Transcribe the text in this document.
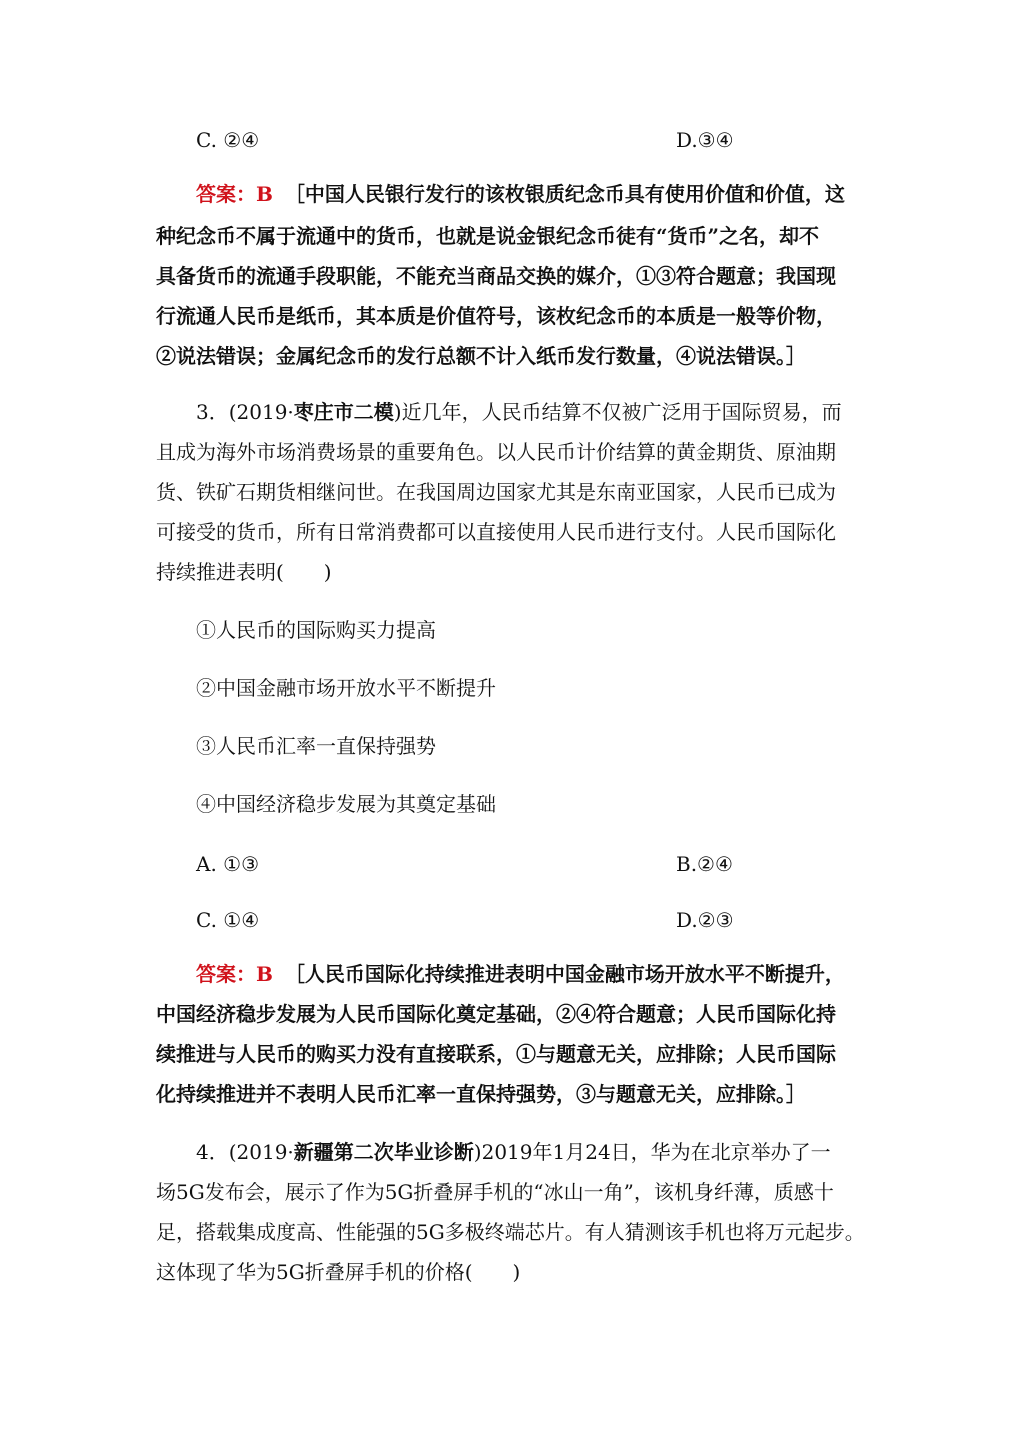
C. ②④	D.③④
答案：B ［中国人民银行发行的该枚银质纪念币具有使用价值和价值，这
种纪念币不属于流通中的货币，也就是说金银纪念币徒有“货币”之名，却不
具备货币的流通手段职能，不能充当商品交换的媒介，①③符合题意；我国现
行流通人民币是纸币，其本质是价值符号，该枚纪念币的本质是一般等价物，
②说法错误；金属纪念币的发行总额不计入纸币发行数量，④说法错误。］
3．(2019·枣庄市二模)近几年，人民币结算不仅被广泛用于国际贸易，而
且成为海外市场消费场景的重要角色。以人民币计价结算的黄金期货、原油期
货、铁矿石期货相继问世。在我国周边国家尤其是东南亚国家，人民币已成为
可接受的货币，所有日常消费都可以直接使用人民币进行支付。人民币国际化
持续推进表明(　　)
①人民币的国际购买力提高
②中国金融市场开放水平不断提升
③人民币汇率一直保持强势
④中国经济稳步发展为其奠定基础
A. ①③	B.②④
C. ①④	D.②③
答案：B ［人民币国际化持续推进表明中国金融市场开放水平不断提升，
中国经济稳步发展为人民币国际化奠定基础，②④符合题意；人民币国际化持
续推进与人民币的购买力没有直接联系，①与题意无关，应排除；人民币国际
化持续推进并不表明人民币汇率一直保持强势，③与题意无关，应排除。］
4．(2019·新疆第二次毕业诊断)2019年1月24日，华为在北京举办了一
场5G发布会，展示了作为5G折叠屏手机的“冰山一角”，该机身纤薄，质感十
足，搭载集成度高、性能强的5G多极终端芯片。有人猜测该手机也将万元起步。
这体现了华为5G折叠屏手机的价格(　　)
